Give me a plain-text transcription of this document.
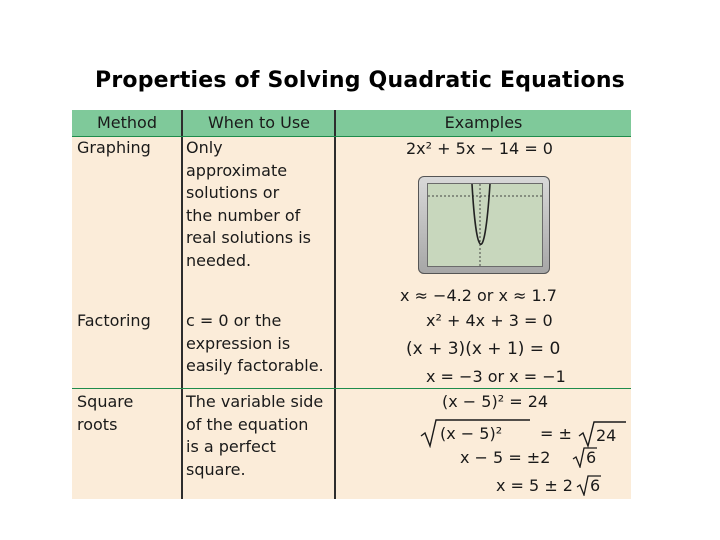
Properties of Solving Quadratic Equations
Method	When to Use	Examples
Graphing Only
approximate
solutions or
the number of
real solutions is
needed.
2x² + 5x − 14 = 0
x ≈ −4.2 or x ≈ 1.7
Factoring c = 0 or the
expression is
easily factorable.
x² + 4x + 3 = 0
(x + 3)(x + 1) = 0
x = −3 or x = −1
Square
roots
The variable side
of the equation
is a perfect
square.
(x − 5)² = 24
(x − 5)² = ± 24
x − 5 = ±2 6
x = 5 ± 2 6
